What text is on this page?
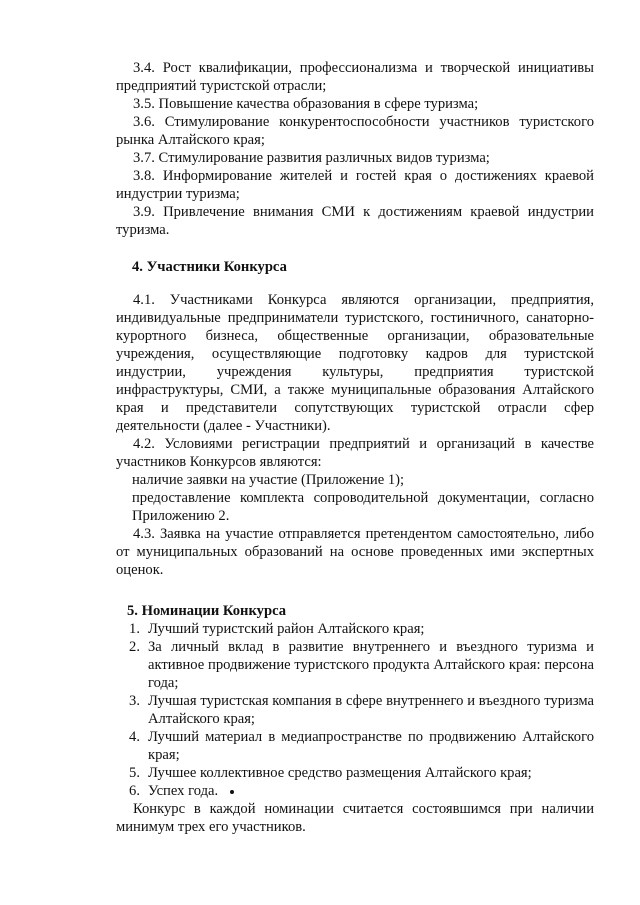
3.4. Рост квалификации, профессионализма и творческой инициативы предприятий туристской отрасли;

3.5. Повышение качества образования в сфере туризма;

3.6. Стимулирование конкурентоспособности участников туристского рынка Алтайского края;

3.7. Стимулирование развития различных видов туризма;

3.8. Информирование жителей и гостей края о достижениях краевой индустрии туризма;

3.9. Привлечение внимания СМИ к достижениям краевой индустрии туризма.

4. Участники Конкурса

4.1. Участниками Конкурса являются организации, предприятия, индивидуальные предприниматели туристского, гостиничного, санаторно-курортного бизнеса, общественные организации, образовательные учреждения, осуществляющие подготовку кадров для туристской индустрии, учреждения культуры, предприятия туристской инфраструктуры, СМИ, а также муниципальные образования Алтайского края и представители сопутствующих туристской отрасли сфер деятельности (далее - Участники).

4.2. Условиями регистрации предприятий и организаций в качестве участников Конкурсов являются:

наличие заявки на участие (Приложение 1);

предоставление комплекта сопроводительной документации, согласно Приложению 2.

4.3. Заявка на участие отправляется претендентом самостоятельно, либо от муниципальных образований на основе проведенных ими экспертных оценок.

5. Номинации Конкурса
1. Лучший туристский район Алтайского края;
2. За личный вклад в развитие внутреннего и въездного туризма и активное продвижение туристского продукта Алтайского края: персона года;
3. Лучшая туристская компания в сфере внутреннего и въездного туризма Алтайского края;
4. Лучший материал в медиапространстве по продвижению Алтайского края;
5. Лучшее коллективное средство размещения Алтайского края;
6. Успех года.

Конкурс в каждой номинации считается состоявшимся при наличии минимум трех его участников.
